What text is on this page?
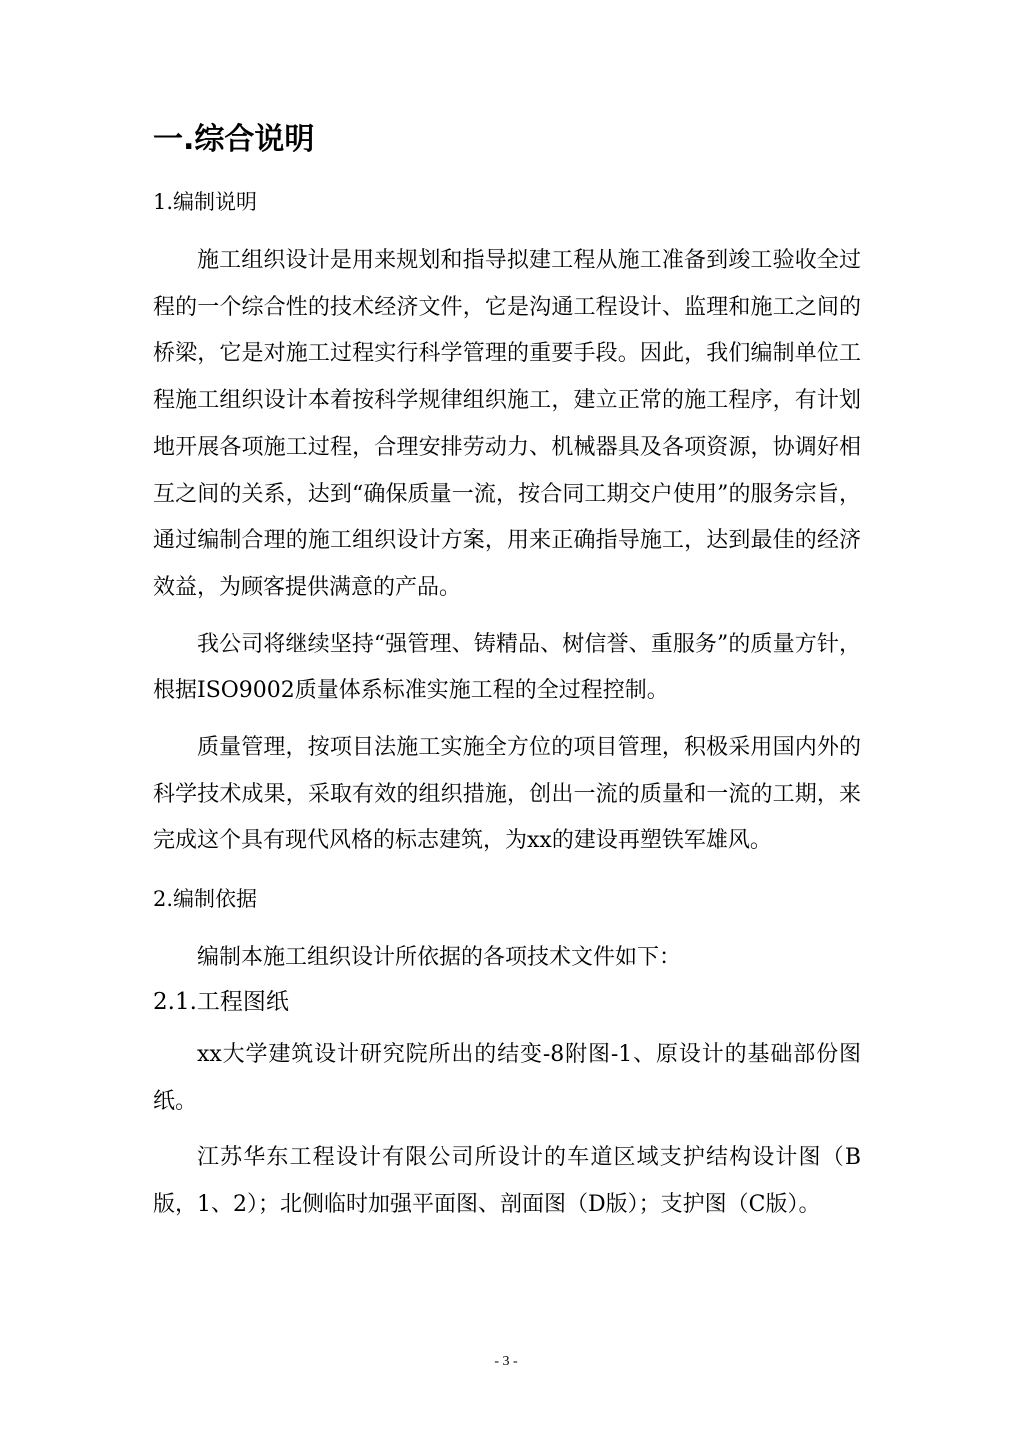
一.综合说明
1.编制说明

施工组织设计是用来规划和指导拟建工程从施工准备到竣工验收全过程的一个综合性的技术经济文件，它是沟通工程设计、监理和施工之间的桥梁，它是对施工过程实行科学管理的重要手段。因此，我们编制单位工程施工组织设计本着按科学规律组织施工，建立正常的施工程序，有计划地开展各项施工过程，合理安排劳动力、机械器具及各项资源，协调好相互之间的关系，达到“确保质量一流，按合同工期交户使用”的服务宗旨，通过编制合理的施工组织设计方案，用来正确指导施工，达到最佳的经济效益，为顾客提供满意的产品。

我公司将继续坚持“强管理、铸精品、树信誉、重服务”的质量方针，根据ISO9002质量体系标准实施工程的全过程控制。

质量管理，按项目法施工实施全方位的项目管理，积极采用国内外的科学技术成果，采取有效的组织措施，创出一流的质量和一流的工期，来完成这个具有现代风格的标志建筑，为xx的建设再塑铁军雄风。

2.编制依据

编制本施工组织设计所依据的各项技术文件如下：

2.1.工程图纸

xx大学建筑设计研究院所出的结变-8附图-1、原设计的基础部份图纸。

江苏华东工程设计有限公司所设计的车道区域支护结构设计图（B版，1、2）；北侧临时加强平面图、剖面图（D版）；支护图（C版）。

- 3 -
